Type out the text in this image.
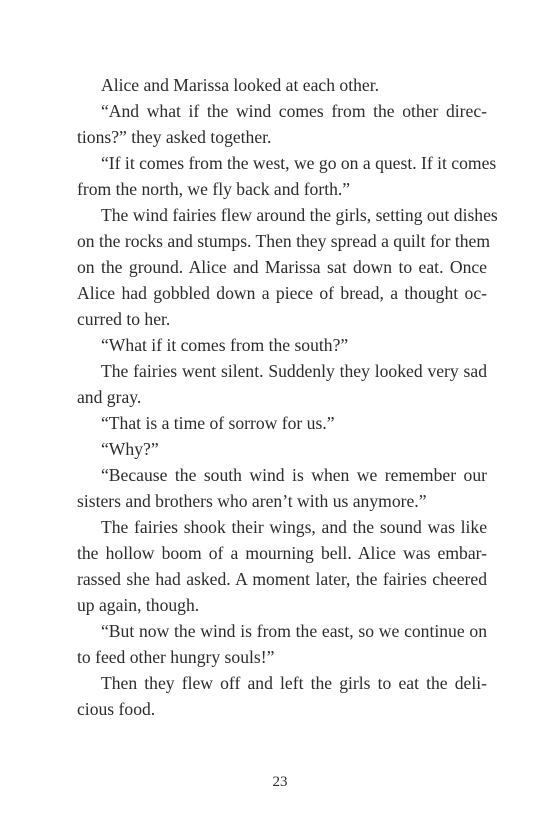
Alice and Marissa looked at each other.
“And what if the wind comes from the other direc-
tions?” they asked together.
“If it comes from the west, we go on a quest. If it comes
from the north, we fly back and forth.”
The wind fairies flew around the girls, setting out dishes
on the rocks and stumps. Then they spread a quilt for them
on the ground. Alice and Marissa sat down to eat. Once
Alice had gobbled down a piece of bread, a thought oc-
curred to her.
“What if it comes from the south?”
The fairies went silent. Suddenly they looked very sad
and gray.
“That is a time of sorrow for us.”
“Why?”
“Because the south wind is when we remember our
sisters and brothers who aren’t with us anymore.”
The fairies shook their wings, and the sound was like
the hollow boom of a mourning bell. Alice was embar-
rassed she had asked. A moment later, the fairies cheered
up again, though.
“But now the wind is from the east, so we continue on
to feed other hungry souls!”
Then they flew off and left the girls to eat the deli-
cious food.
23
